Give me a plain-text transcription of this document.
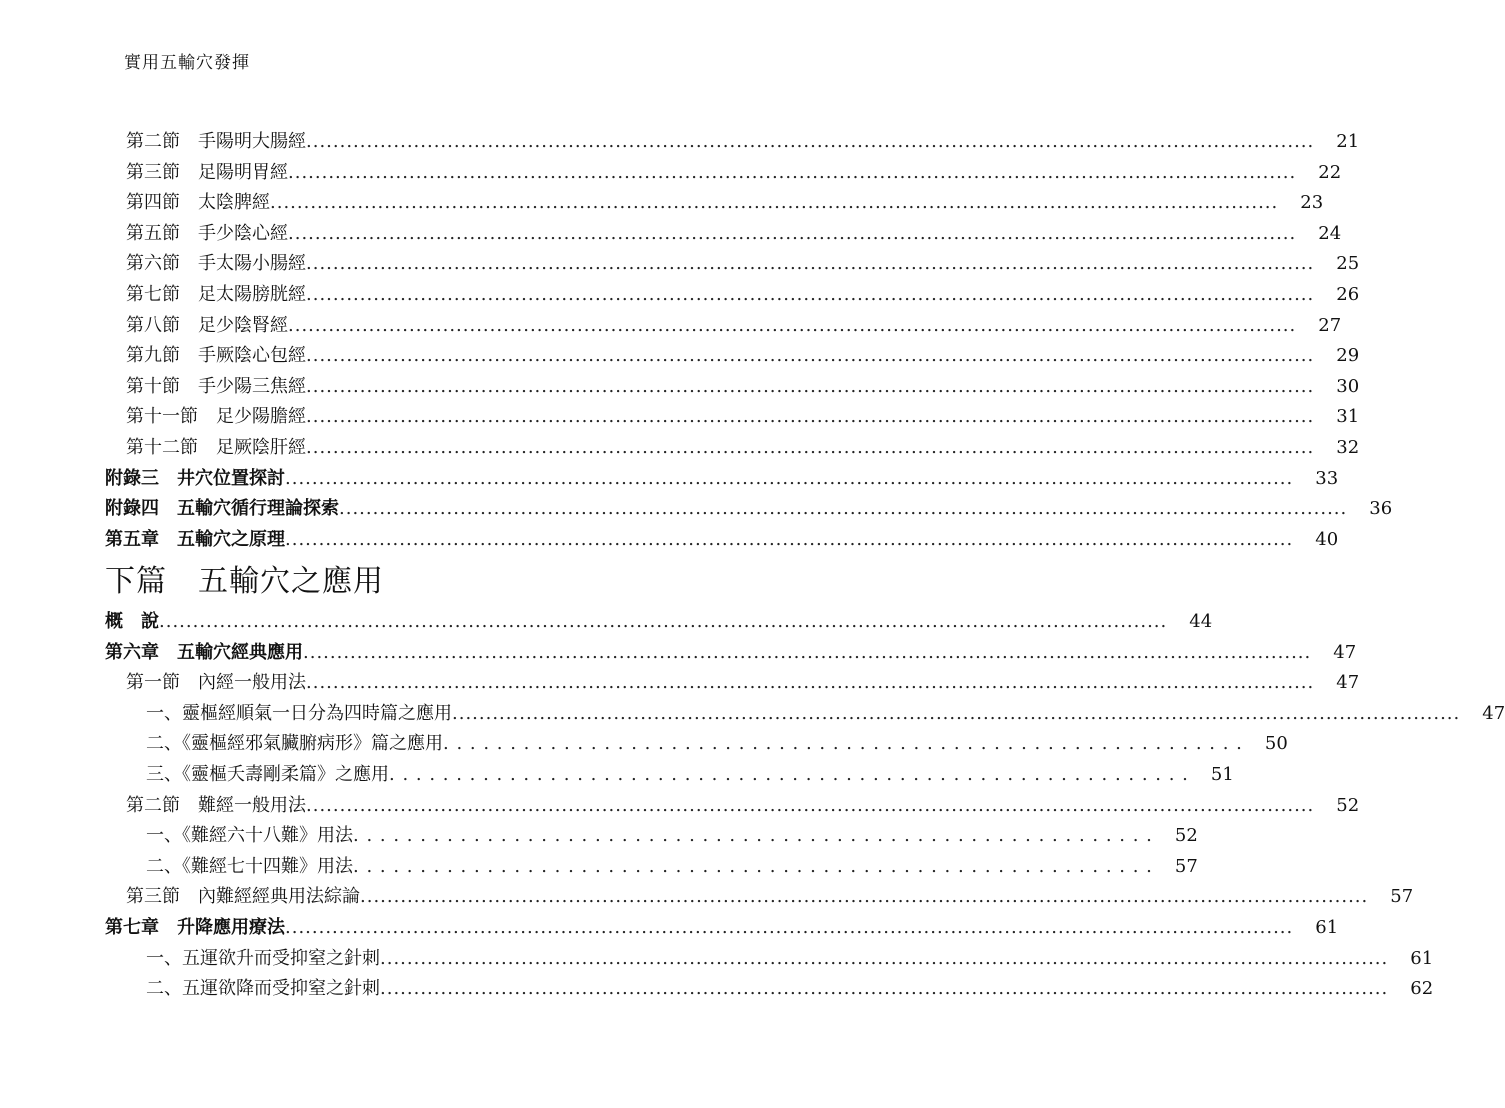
實用五輸穴發揮
第二節　手陽明大腸經 .....	21
第三節　足陽明胃經 .....	22
第四節　太陰脾經 .....	23
第五節　手少陰心經 .....	24
第六節　手太陽小腸經 .....	25
第七節　足太陽膀胱經 .....	26
第八節　足少陰腎經 .....	27
第九節　手厥陰心包經 .....	29
第十節　手少陽三焦經 .....	30
第十一節　足少陽膽經 .....	31
第十二節　足厥陰肝經 .....	32
附錄三　井穴位置探討 .....	33
附錄四　五輸穴循行理論探索 .....	36
第五章　五輸穴之原理 .....	40
下篇　五輸穴之應用
概　說 .....	44
第六章　五輸穴經典應用 .....	47
第一節　內經一般用法 .....	47
一、靈樞經順氣一日分為四時篇之應用 .....	47
二、《靈樞經邪氣臟腑病形》篇之應用 . . .	50
三、《靈樞夭壽剛柔篇》之應用 . . .	51
第二節　難經一般用法 .....	52
一、《難經六十八難》用法 . . .	52
二、《難經七十四難》用法 . . .	57
第三節　內難經經典用法綜論 .....	57
第七章　升降應用療法 .....	61
一、五運欲升而受抑窒之針刺 .....	61
二、五運欲降而受抑窒之針刺 .....	62
